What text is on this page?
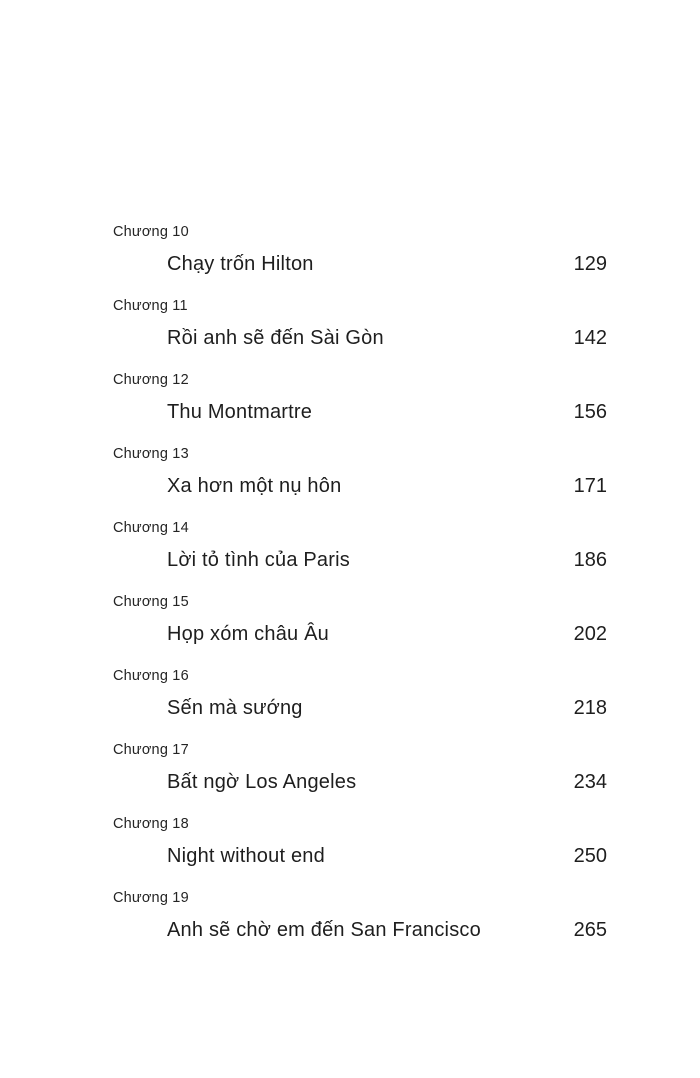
Chương 10
Chạy trốn Hilton	129
Chương 11
Rồi anh sẽ đến Sài Gòn	142
Chương 12
Thu Montmartre	156
Chương 13
Xa hơn một nụ hôn	171
Chương 14
Lời tỏ tình của Paris	186
Chương 15
Họp xóm châu Âu	202
Chương 16
Sến mà sướng	218
Chương 17
Bất ngờ Los Angeles	234
Chương 18
Night without end	250
Chương 19
Anh sẽ chờ em đến San Francisco	265
